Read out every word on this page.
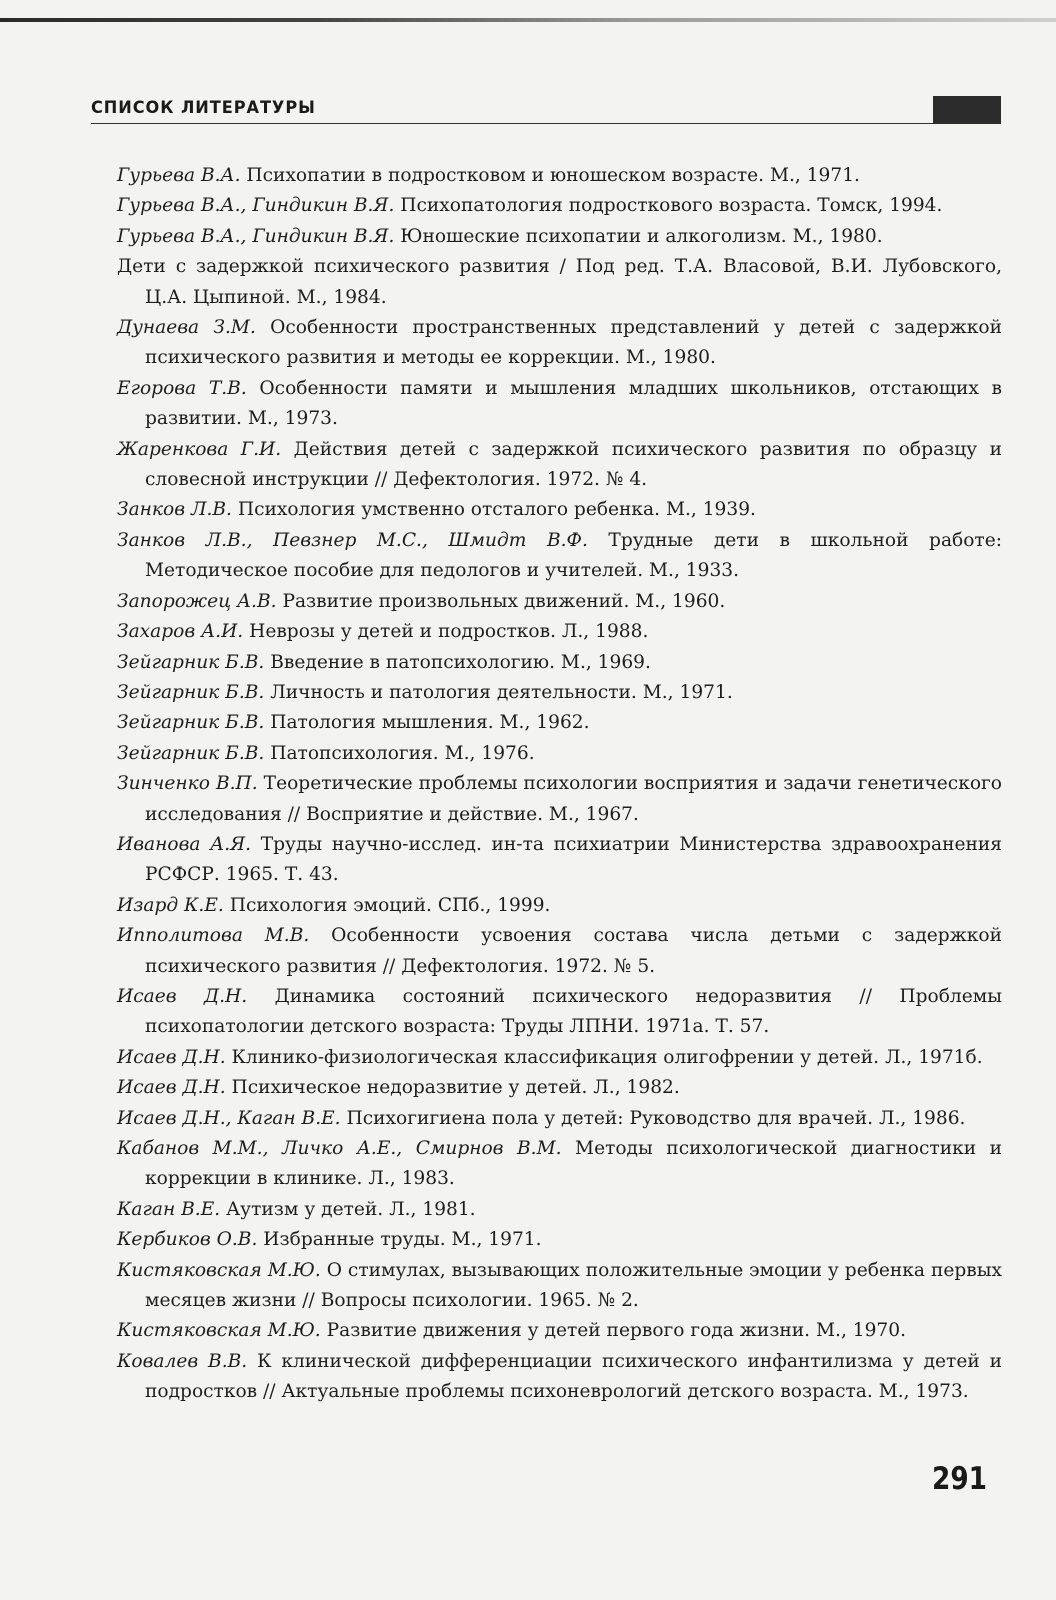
СПИСОК ЛИТЕРАТУРЫ
Гурьева В.А. Психопатии в подростковом и юношеском возрасте. М., 1971.
Гурьева В.А., Гиндикин В.Я. Психопатология подросткового возраста. Томск, 1994.
Гурьева В.А., Гиндикин В.Я. Юношеские психопатии и алкоголизм. М., 1980.
Дети с задержкой психического развития / Под ред. Т.А. Власовой, В.И. Лубовского, Ц.А. Цыпиной. М., 1984.
Дунаева З.М. Особенности пространственных представлений у детей с задержкой психического развития и методы ее коррекции. М., 1980.
Егорова Т.В. Особенности памяти и мышления младших школьников, отстающих в развитии. М., 1973.
Жаренкова Г.И. Действия детей с задержкой психического развития по образцу и словесной инструкции // Дефектология. 1972. № 4.
Занков Л.В. Психология умственно отсталого ребенка. М., 1939.
Занков Л.В., Певзнер М.С., Шмидт В.Ф. Трудные дети в школьной работе: Методическое пособие для педологов и учителей. М., 1933.
Запорожец А.В. Развитие произвольных движений. М., 1960.
Захаров А.И. Неврозы у детей и подростков. Л., 1988.
Зейгарник Б.В. Введение в патопсихологию. М., 1969.
Зейгарник Б.В. Личность и патология деятельности. М., 1971.
Зейгарник Б.В. Патология мышления. М., 1962.
Зейгарник Б.В. Патопсихология. М., 1976.
Зинченко В.П. Теоретические проблемы психологии восприятия и задачи генетического исследования // Восприятие и действие. М., 1967.
Иванова А.Я. Труды научно-исслед. ин-та психиатрии Министерства здравоохранения РСФСР. 1965. Т. 43.
Изард К.Е. Психология эмоций. СПб., 1999.
Ипполитова М.В. Особенности усвоения состава числа детьми с задержкой психического развития // Дефектология. 1972. № 5.
Исаев Д.Н. Динамика состояний психического недоразвития // Проблемы психопатологии детского возраста: Труды ЛПНИ. 1971а. Т. 57.
Исаев Д.Н. Клинико-физиологическая классификация олигофрении у детей. Л., 1971б.
Исаев Д.Н. Психическое недоразвитие у детей. Л., 1982.
Исаев Д.Н., Каган В.Е. Психогигиена пола у детей: Руководство для врачей. Л., 1986.
Кабанов М.М., Личко А.Е., Смирнов В.М. Методы психологической диагностики и коррекции в клинике. Л., 1983.
Каган В.Е. Аутизм у детей. Л., 1981.
Кербиков О.В. Избранные труды. М., 1971.
Кистяковская М.Ю. О стимулах, вызывающих положительные эмоции у ребенка первых месяцев жизни // Вопросы психологии. 1965. № 2.
Кистяковская М.Ю. Развитие движения у детей первого года жизни. М., 1970.
Ковалев В.В. К клинической дифференциации психического инфантилизма у детей и подростков // Актуальные проблемы психоневрологий детского возраста. М., 1973.
291
